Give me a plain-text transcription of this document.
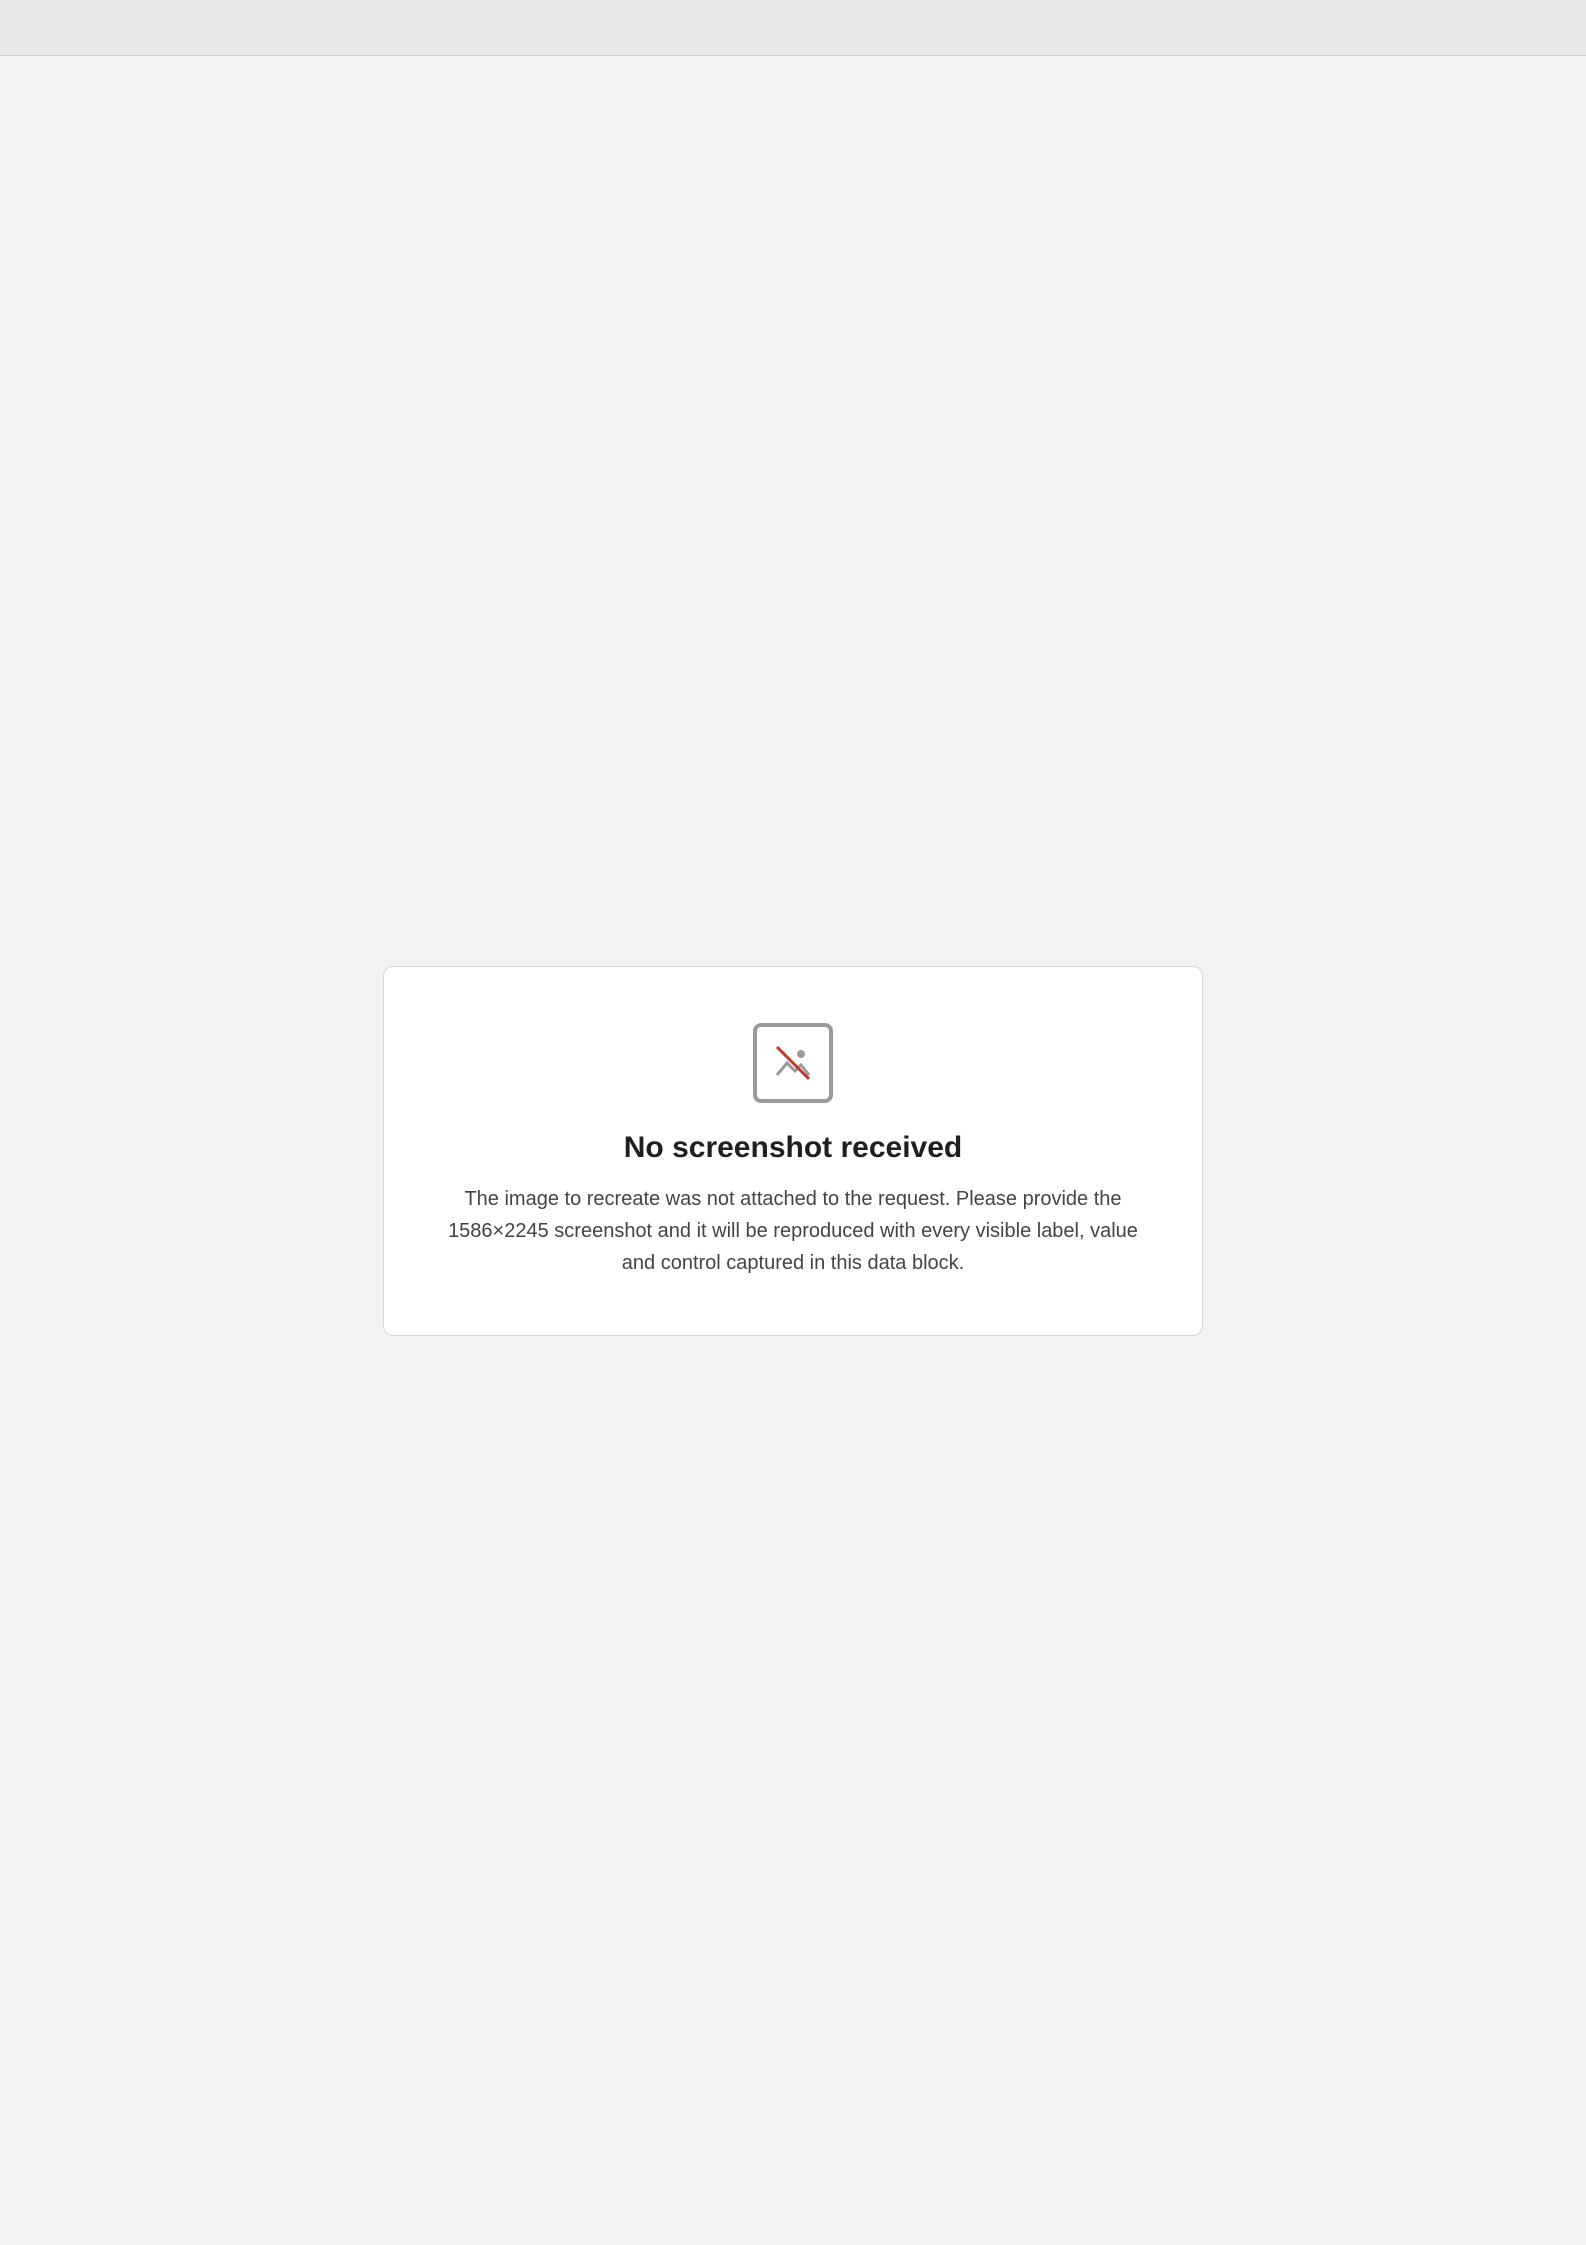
No screenshot received

The image to recreate was not attached to the request. Please provide the 1586×2245 screenshot and it will be reproduced with every visible label, value and control captured in this data block.
